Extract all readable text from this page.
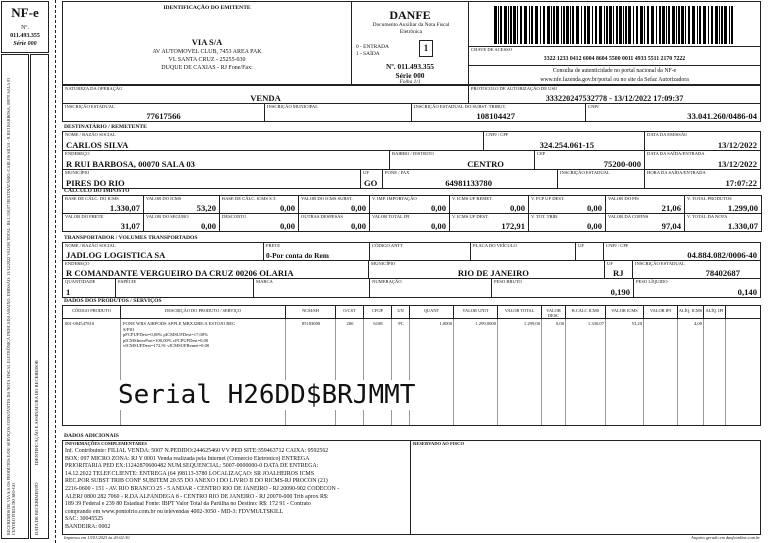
NF-e
Nº.
011.493.355
Série 000
RECEBEMOS DE VIA S/A OS PRODUTOS E/OU SERVIÇOS CONSTANTES DA NOTA FISCAL ELETRÔNICA INDICADA ABAIXO. EMISSÃO: 13/12/2022 VALOR TOTAL: R$ 1.330,07 DESTINATÁRIO: CARLOS SILVA - R RUI BARBOSA, 00070 SALA 03 CENTRO PIRES DO RIO-GO	DATA DE RECEBIMENTO
IDENTIFICAÇÃO E ASSINATURA DO RECEBEDOR
IDENTIFICAÇÃO DO EMITENTE
VIA S/A
AV AUTOMOVEL CLUB, 7453 AREA PAK
VL SANTA CRUZ - 25255-030
DUQUE DE CAXIAS - RJ Fone/Fax:
DANFE
Documento Auxiliar da Nota Fiscal Eletrônica
0 - ENTRADA
1 - SAÍDA
1
Nº. 011.493.355
Série 000
Folha 1/1
CHAVE DE ACESSO
3322 1233 0412 6004 8604 5500 0011 4933 5511 2170 7222
Consulta de autenticidade no portal nacional da NF-e
www.nfe.fazenda.gov.br/portal ou no site da Sefaz Autorizadora
NATUREZA DA OPERAÇÃO
VENDA
PROTOCOLO DE AUTORIZAÇÃO DE USO
333220247532778 - 13/12/2022 17:09:37
INSCRIÇÃO ESTADUAL
77617566
INSCRIÇÃO MUNICIPAL	INSCRIÇÃO ESTADUAL DO SUBST. TRIBUT.
108104427
CNPJ
33.041.260/0486-04
DESTINATÁRIO / REMETENTE
NOME / RAZÃO SOCIAL
CARLOS SILVA
CNPJ / CPF
324.254.061-15
DATA DA EMISSÃO
13/12/2022
ENDEREÇO
R RUI BARBOSA, 00070 SALA 03
BAIRRO / DISTRITO
CENTRO
CEP
75200-000
DATA DA SAÍDA/ENTRADA
13/12/2022
MUNICÍPIO
PIRES DO RIO
UF
GO
FONE / FAX
64981133780
INSCRIÇÃO ESTADUAL	HORA DA SAÍDA/ENTRADA
17:07:22
CÁLCULO DO IMPOSTO
BASE DE CÁLC. DO ICMS
1.330,07
VALOR DO ICMS
53,20
BASE DE CÁLC. ICMS S.T.
0,00
VALOR DO ICMS SUBST.
0,00
V. IMP. IMPORTAÇÃO
0,00
V. ICMS UF REMET.
0,00
V. FCP UF DEST.
0,00
VALOR DO PIS
21,06
V. TOTAL PRODUTOS
1.299,00
VALOR DO FRETE
31,07
VALOR DO SEGURO
0,00
DESCONTO
0,00
OUTRAS DESPESAS
0,00
VALOR TOTAL IPI
0,00
V. ICMS UF DEST.
172,91
V. TOT. TRIB.
0,00
VALOR DA COFINS
97,04
V. TOTAL DA NOTA
1.330,07
TRANSPORTADOR / VOLUMES TRANSPORTADOS
NOME / RAZÃO SOCIAL
JADLOG LOGISTICA SA
FRETE
0-Por conta do Rem
CÓDIGO ANTT	PLACA DO VEÍCULO	UF	CNPJ / CPF
04.884.082/0006-40
ENDEREÇO
R COMANDANTE VERGUEIRO DA CRUZ 00206 OLARIA
MUNICÍPIO
RIO DE JANEIRO
UF
RJ
INSCRIÇÃO ESTADUAL
78402687
QUANTIDADE
1
ESPÉCIE	MARCA	NUMERAÇÃO	PESO BRUTO
0,190
PESO LÍQUIDO
0,140
DADOS DOS PRODUTOS / SERVIÇOS
CÓDIGO PRODUTO	DESCRIÇÃO DO PRODUTO / SERVIÇO	NCM/SH	O/CST	CFOP	UN	QUANT	VALOR UNIT	VALOR TOTAL	VALOR DESC
B.CÁLC ICMS	VALOR ICMS	VALOR IPI	ALÍQ. ICMS ALÍQ. IPI
001-004547810	FONE WRS AIRPODS APPLE MRXJ2BE/A ESTOJO REC
S/FIO
pFCPUFDest=0,00% pICMSUFDest=17,00%
pICMSInterPart=100,00% vFCPUFDest=0,00
vICMSUFDest=172,91 vICMSUFRemet=0,00
85183000	200	6108	PC	1,0000	1.299,0000	1.299,00	0,00	1.330,07	53,20	4,00
Serial H26DD$BRJMMT
DADOS ADICIONAIS
INFORMAÇÕES COMPLEMENTARES
Inf. Contribuinte: FILIAL VENDA: 5007 N.PEDIDO:244625460 VV PED SITE:359463712 CAIXA: 9592562
BOX: 097 MICRO ZONA: RJ Y 0001 Venda realizada pela Internet (Comercio Eletronico) ENTREGA
PRIORITARIA PED EX:11242870600482 NUM.SEQUENCIAL: 5007-0000000-0 DATA DE ENTREGA:
14.12.2022 TELEF.CLIENTE: ENTREGA (64 )98113-3780 LOCALIZAÇÃO: SR JOALHEIROS ICMS
REC.POR SUBST TRIB CONF SUBITEM 20.55 DO ANEXO I DO LIVRO II DO RICMS-RJ PROCON (21)
2216-0600 - 151 - AV. RIO BRANCO 25 - 5 ANDAR - CENTRO RIO DE JANEIRO - RJ 20090-902 CODECON -
ALERJ 0800 282 7060 - R.DA ALFANDEGA 8 - CENTRO RIO DE JANEIRO - RJ 20070-000 Trib aprox R$:
189 39 Federal e 239 80 Estadual Fonte: IBPT Valor Total da Partilha no Destino: R$: 172 91 - Contrato
comprando em www.pontofrio.com.br ou televendas 4002-3050 - MD-3: FDVMULTSKILL
SAC: 30045525
BANDEIRA: 0002
RESERVADO AO FISCO
Impresso em 13/01/2023 às 20:02:30	Arquivo gerado em danfeonline.com.br
